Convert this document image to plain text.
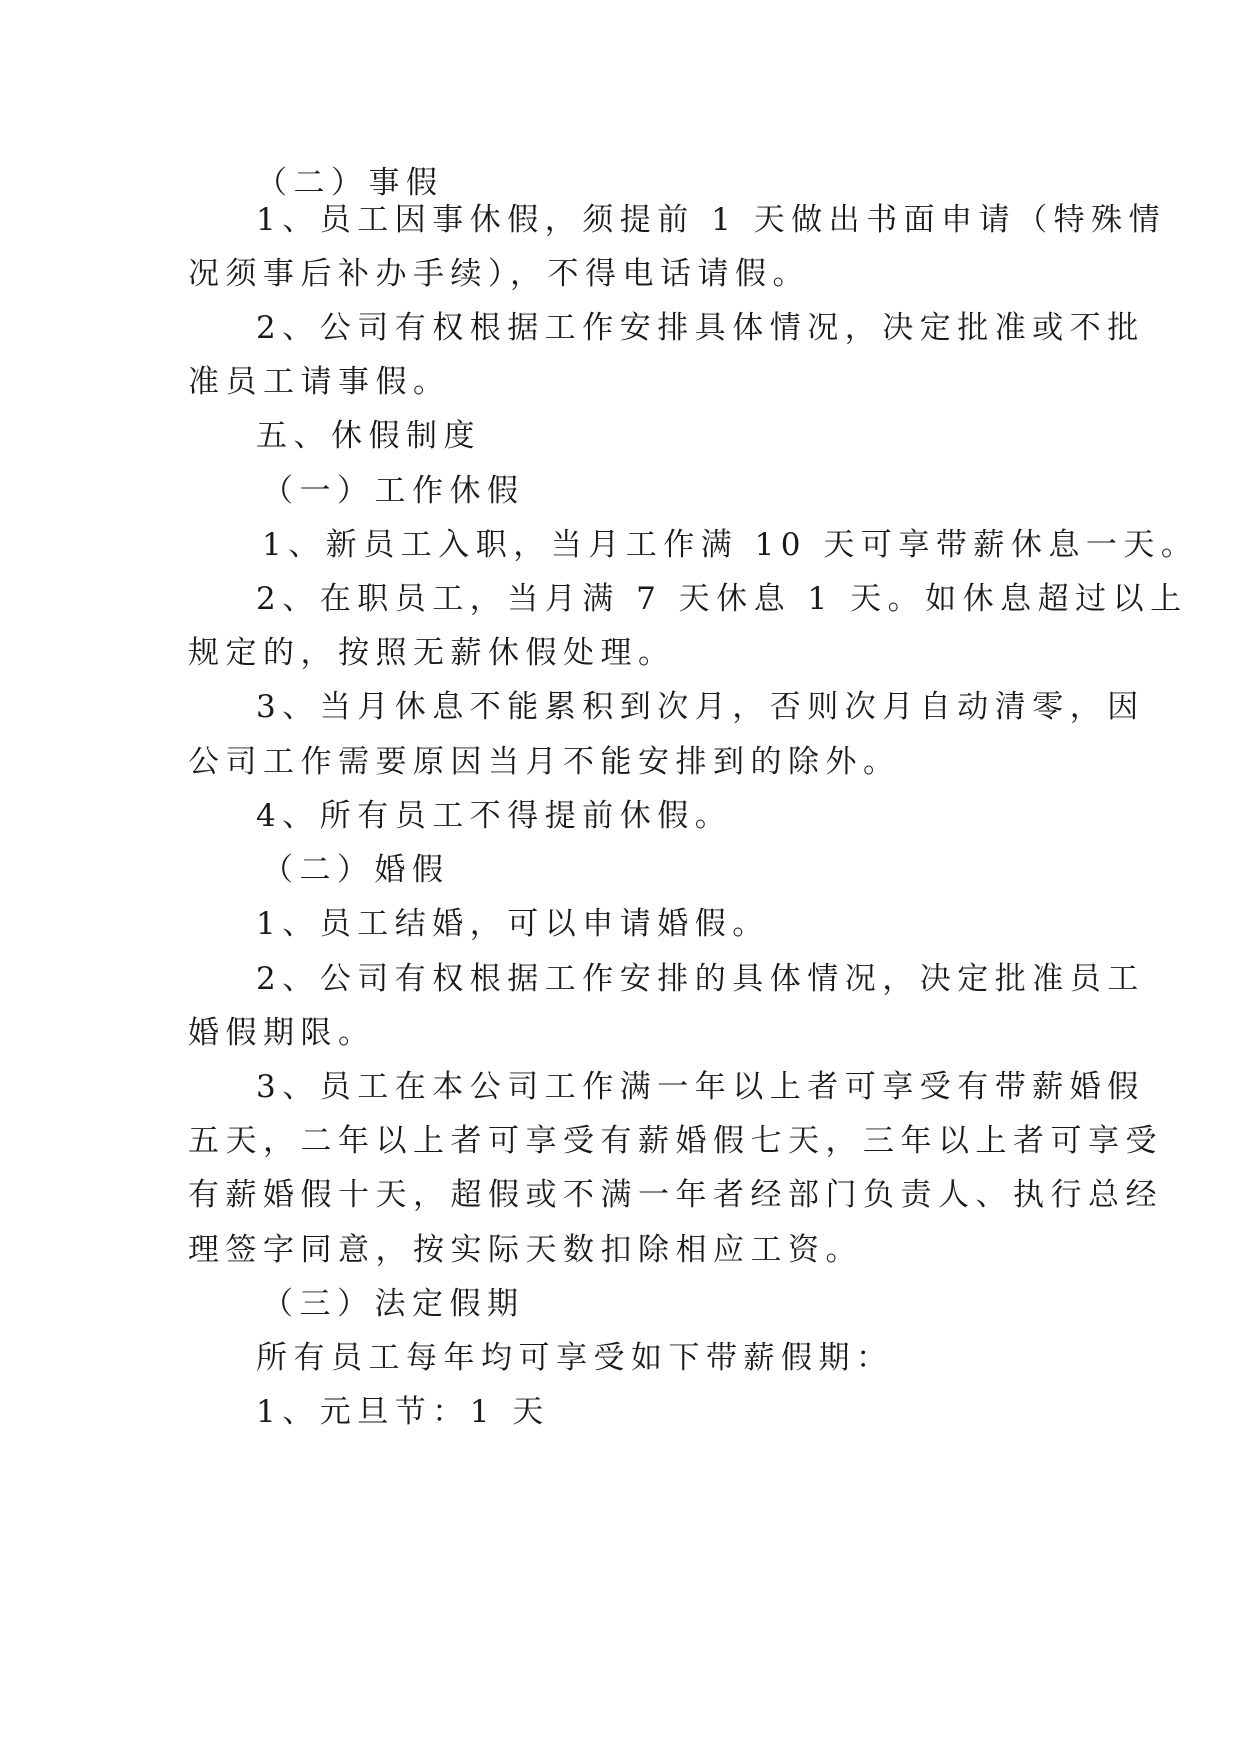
（二）事假
1、员工因事休假，须提前 1 天做出书面申请（特殊情
况须事后补办手续），不得电话请假。
2、公司有权根据工作安排具体情况，决定批准或不批
准员工请事假。
五、休假制度
（一）工作休假
1、新员工入职，当月工作满 10 天可享带薪休息一天。
2、在职员工，当月满 7 天休息 1 天。如休息超过以上
规定的，按照无薪休假处理。
3、当月休息不能累积到次月，否则次月自动清零，因
公司工作需要原因当月不能安排到的除外。
4、所有员工不得提前休假。
（二）婚假
1、员工结婚，可以申请婚假。
2、公司有权根据工作安排的具体情况，决定批准员工
婚假期限。
3、员工在本公司工作满一年以上者可享受有带薪婚假
五天，二年以上者可享受有薪婚假七天，三年以上者可享受
有薪婚假十天，超假或不满一年者经部门负责人、执行总经
理签字同意，按实际天数扣除相应工资。
（三）法定假期
所有员工每年均可享受如下带薪假期：
1、元旦节：1 天
